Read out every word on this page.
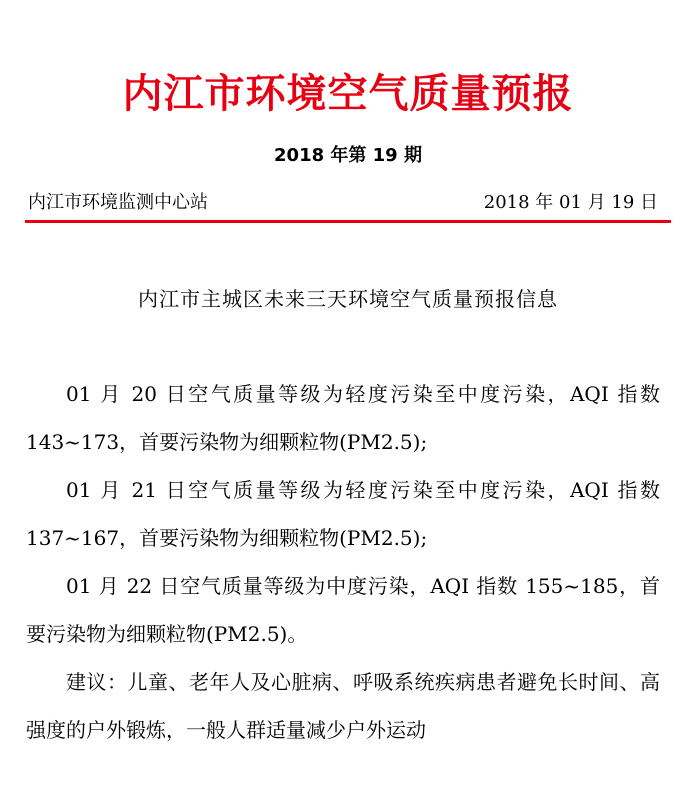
内江市环境空气质量预报
2018 年第 19 期
内江市环境监测中心站	2018 年 01 月 19 日
内江市主城区未来三天环境空气质量预报信息

01 月 20 日空气质量等级为轻度污染至中度污染，AQI 指数 143~173，首要污染物为细颗粒物(PM2.5);

01 月 21 日空气质量等级为轻度污染至中度污染，AQI 指数 137~167，首要污染物为细颗粒物(PM2.5);

01 月 22 日空气质量等级为中度污染，AQI 指数 155~185，首要污染物为细颗粒物(PM2.5)。

建议：儿童、老年人及心脏病、呼吸系统疾病患者避免长时间、高强度的户外锻炼，一般人群适量减少户外运动
